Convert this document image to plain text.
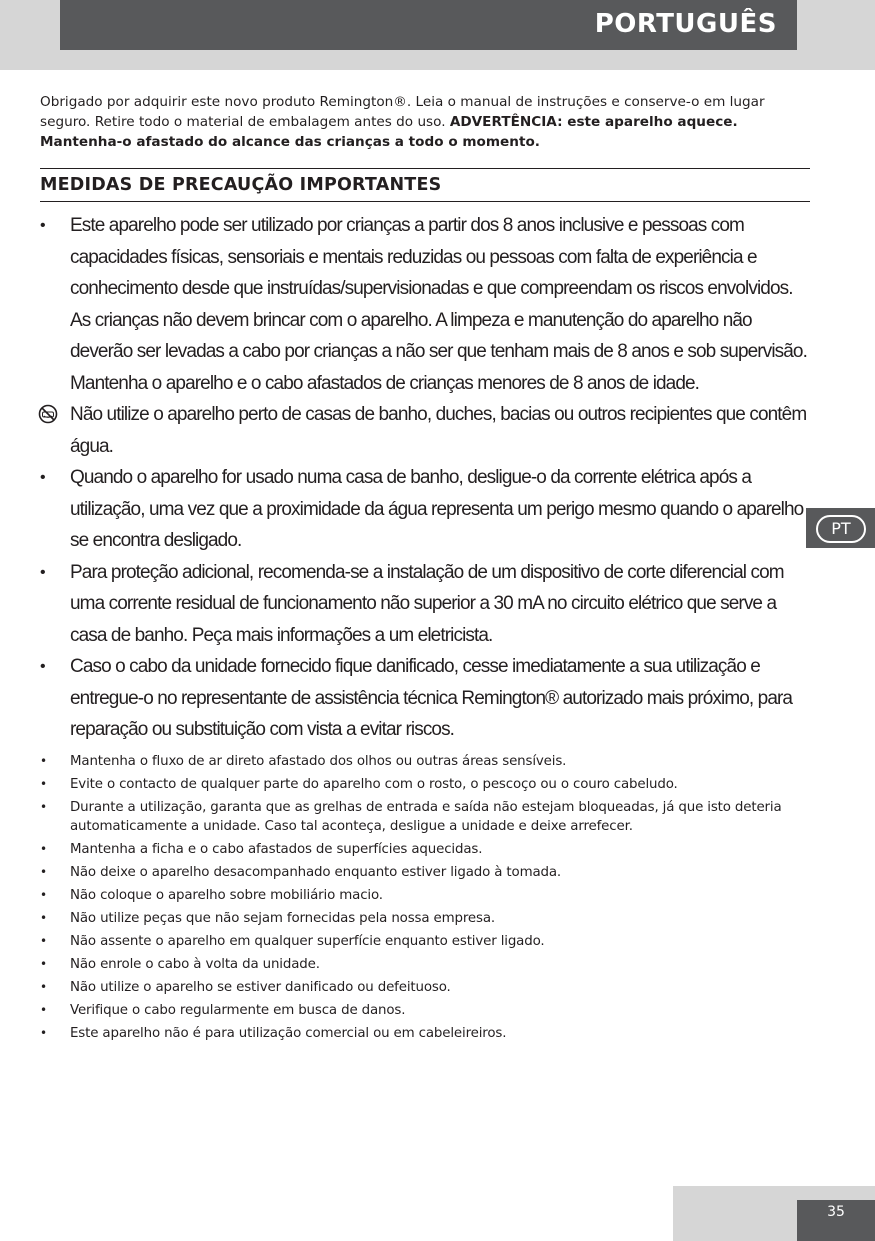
PORTUGUÊS

Obrigado por adquirir este novo produto Remington®. Leia o manual de instruções e conserve-o em lugar seguro. Retire todo o material de embalagem antes do uso. ADVERTÊNCIA: este aparelho aquece. Mantenha-o afastado do alcance das crianças a todo o momento.

MEDIDAS DE PRECAUÇÃO IMPORTANTES
• Este aparelho pode ser utilizado por crianças a partir dos 8 anos inclusive e pessoas com capacidades físicas, sensoriais e mentais reduzidas ou pessoas com falta de experiência e conhecimento desde que instruídas/supervisionadas e que compreendam os riscos envolvidos. As crianças não devem brincar com o aparelho. A limpeza e manutenção do aparelho não deverão ser levadas a cabo por crianças a não ser que tenham mais de 8 anos e sob supervisão. Mantenha o aparelho e o cabo afastados de crianças menores de 8 anos de idade.
Não utilize o aparelho perto de casas de banho, duches, bacias ou outros recipientes que contêm água.
• Quando o aparelho for usado numa casa de banho, desligue-o da corrente elétrica após a utilização, uma vez que a proximidade da água representa um perigo mesmo quando o aparelho se encontra desligado.
• Para proteção adicional, recomenda-se a instalação de um dispositivo de corte diferencial com uma corrente residual de funcionamento não superior a 30 mA no circuito elétrico que serve a casa de banho. Peça mais informações a um eletricista.
• Caso o cabo da unidade fornecido fique danificado, cesse imediatamente a sua utilização e entregue-o no representante de assistência técnica Remington® autorizado mais próximo, para reparação ou substituição com vista a evitar riscos.
• Mantenha o fluxo de ar direto afastado dos olhos ou outras áreas sensíveis.
• Evite o contacto de qualquer parte do aparelho com o rosto, o pescoço ou o couro cabeludo.
• Durante a utilização, garanta que as grelhas de entrada e saída não estejam bloqueadas, já que isto deteria automaticamente a unidade. Caso tal aconteça, desligue a unidade e deixe arrefecer.
• Mantenha a ficha e o cabo afastados de superfícies aquecidas.
• Não deixe o aparelho desacompanhado enquanto estiver ligado à tomada.
• Não coloque o aparelho sobre mobiliário macio.
• Não utilize peças que não sejam fornecidas pela nossa empresa.
• Não assente o aparelho em qualquer superfície enquanto estiver ligado.
• Não enrole o cabo à volta da unidade.
• Não utilize o aparelho se estiver danificado ou defeituoso.
• Verifique o cabo regularmente em busca de danos.
• Este aparelho não é para utilização comercial ou em cabeleireiros.
PT
35
